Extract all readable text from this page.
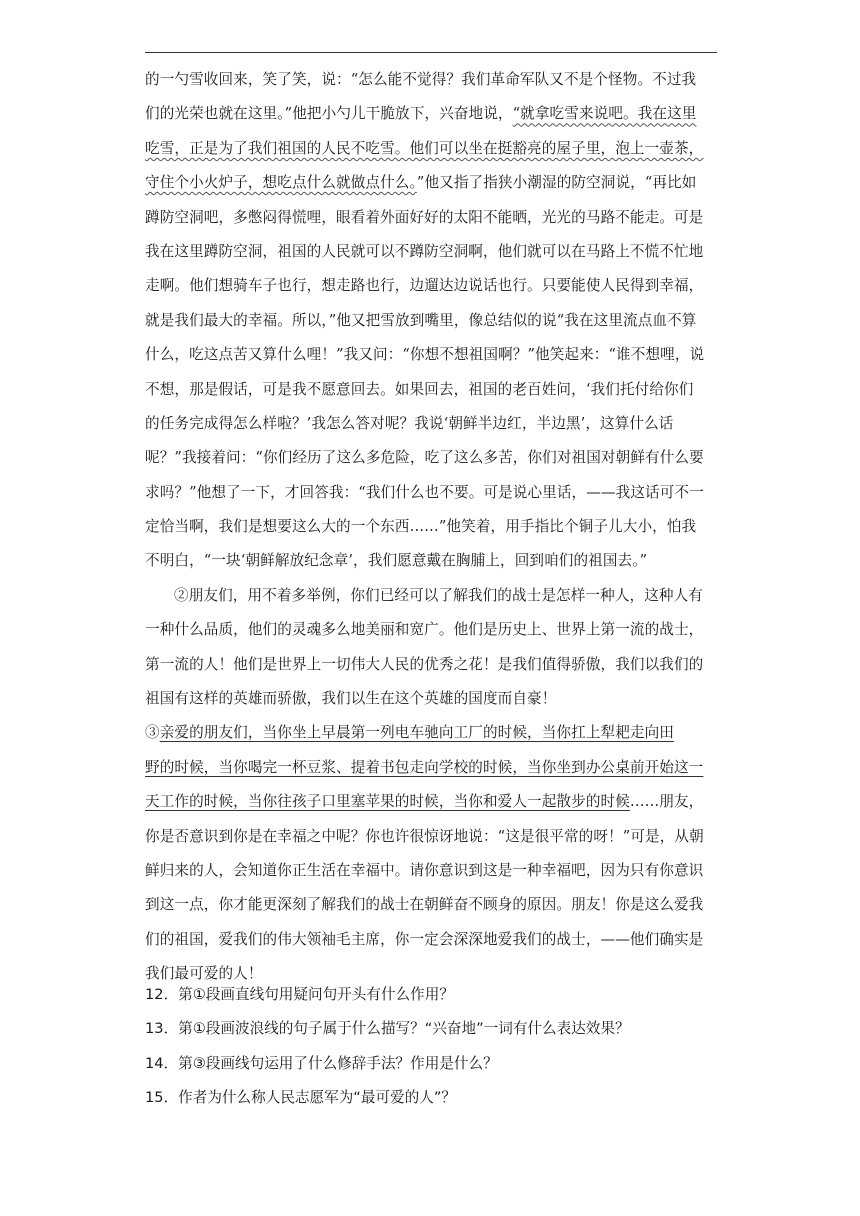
的一勺雪收回来，笑了笑，说：“怎么能不觉得？我们革命军队又不是个怪物。不过我
们的光荣也就在这里。”他把小勺儿干脆放下，兴奋地说，“就拿吃雪来说吧。我在这里
吃雪，正是为了我们祖国的人民不吃雪。他们可以坐在挺豁亮的屋子里，泡上一壶茶，
守住个小火炉子，想吃点什么就做点什么。”他又指了指狭小潮湿的防空洞说，“再比如
蹲防空洞吧，多憋闷得慌哩，眼看着外面好好的太阳不能晒，光光的马路不能走。可是
我在这里蹲防空洞，祖国的人民就可以不蹲防空洞啊，他们就可以在马路上不慌不忙地
走啊。他们想骑车子也行，想走路也行，边遛达边说话也行。只要能使人民得到幸福，
就是我们最大的幸福。所以，”他又把雪放到嘴里，像总结似的说“我在这里流点血不算
什么，吃这点苦又算什么哩！”我又问：“你想不想祖国啊？”他笑起来：“谁不想哩，说
不想，那是假话，可是我不愿意回去。如果回去，祖国的老百姓问，‘我们托付给你们
的任务完成得怎么样啦？’我怎么答对呢？我说‘朝鲜半边红，半边黑’，这算什么话
呢？”我接着问：“你们经历了这么多危险，吃了这么多苦，你们对祖国对朝鲜有什么要
求吗？”他想了一下，才回答我：“我们什么也不要。可是说心里话，——我这话可不一
定恰当啊，我们是想要这么大的一个东西……”他笑着，用手指比个铜子儿大小，怕我
不明白，“一块‘朝鲜解放纪念章’，我们愿意戴在胸脯上，回到咱们的祖国去。”
②朋友们，用不着多举例，你们已经可以了解我们的战士是怎样一种人，这种人有
一种什么品质，他们的灵魂多么地美丽和宽广。他们是历史上、世界上第一流的战士，
第一流的人！他们是世界上一切伟大人民的优秀之花！是我们值得骄傲，我们以我们的
祖国有这样的英雄而骄傲，我们以生在这个英雄的国度而自豪！
③亲爱的朋友们，当你坐上早晨第一列电车驰向工厂的时候，当你扛上犁耙走向田
野的时候，当你喝完一杯豆浆、提着书包走向学校的时候，当你坐到办公桌前开始这一
天工作的时候，当你往孩子口里塞苹果的时候，当你和爱人一起散步的时候……朋友，
你是否意识到你是在幸福之中呢？你也许很惊讶地说：“这是很平常的呀！”可是，从朝
鲜归来的人，会知道你正生活在幸福中。请你意识到这是一种幸福吧，因为只有你意识
到这一点，你才能更深刻了解我们的战士在朝鲜奋不顾身的原因。朋友！你是这么爱我
们的祖国，爱我们的伟大领袖毛主席，你一定会深深地爱我们的战士，——他们确实是
我们最可爱的人！
12．第①段画直线句用疑问句开头有什么作用？
13．第①段画波浪线的句子属于什么描写？“兴奋地”一词有什么表达效果？
14．第③段画线句运用了什么修辞手法？作用是什么？
15．作者为什么称人民志愿军为“最可爱的人”？
